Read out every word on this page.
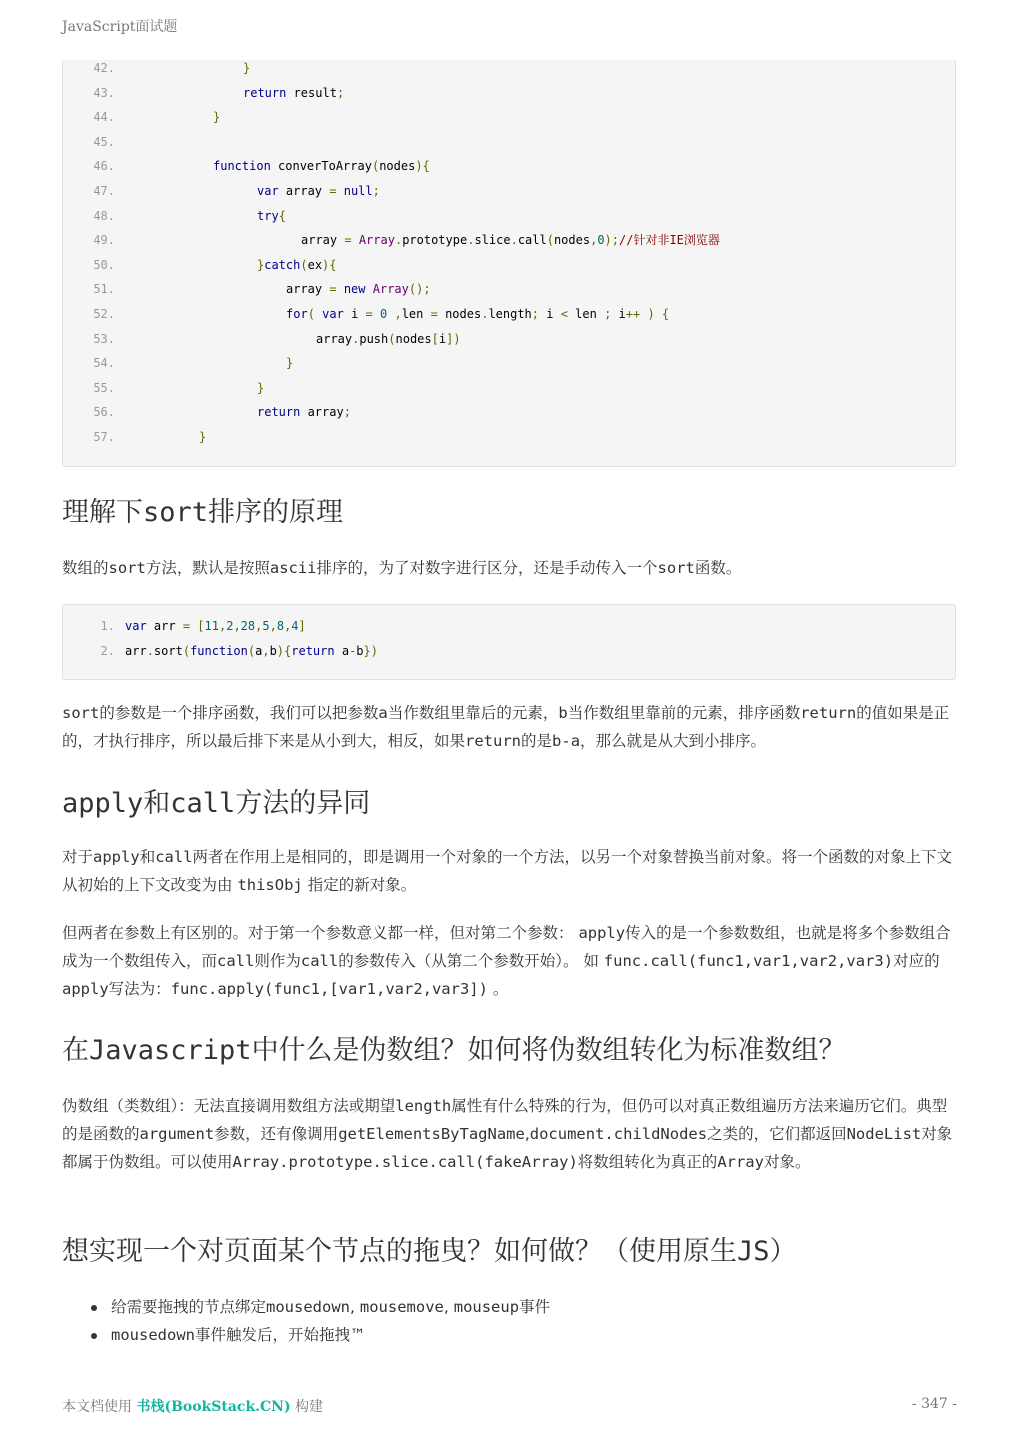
JavaScript面试题
42.	}
43.	return result;
44.	}
45.
46.	function converToArray(nodes){
47.	var array = null;
48.	try{
49.	array = Array.prototype.slice.call(nodes,0);//针对非IE浏览器
50.	}catch(ex){
51.	array = new Array();
52.	for( var i = 0 ,len = nodes.length; i < len ; i++ ) {
53.	array.push(nodes[i])
54.	}
55.	}
56.	return array;
57.	}
理解下sort排序的原理

数组的sort方法，默认是按照ascii排序的，为了对数字进行区分，还是手动传入一个sort函数。

1. var arr = [11,2,28,5,8,4]
2. arr.sort(function(a,b){return a-b})

sort的参数是一个排序函数，我们可以把参数a当作数组里靠后的元素，b当作数组里靠前的元素，排序函数return的值如果是正的，才执行排序，所以最后排下来是从小到大，相反，如果return的是b-a，那么就是从大到小排序。

apply和call方法的异同

对于apply和call两者在作用上是相同的，即是调用一个对象的一个方法，以另一个对象替换当前对象。将一个函数的对象上下文从初始的上下文改变为由 thisObj 指定的新对象。

但两者在参数上有区别的。对于第一个参数意义都一样，但对第二个参数： apply传入的是一个参数数组，也就是将多个参数组合成为一个数组传入，而call则作为call的参数传入（从第二个参数开始）。 如 func.call(func1,var1,var2,var3)对应的apply写法为：func.apply(func1,[var1,var2,var3]) 。

在Javascript中什么是伪数组？如何将伪数组转化为标准数组？

伪数组（类数组）：无法直接调用数组方法或期望length属性有什么特殊的行为，但仍可以对真正数组遍历方法来遍历它们。典型的是函数的argument参数，还有像调用getElementsByTagName,document.childNodes之类的，它们都返回NodeList对象都属于伪数组。可以使用Array.prototype.slice.call(fakeArray)将数组转化为真正的Array对象。

想实现一个对页面某个节点的拖曳？如何做？（使用原生JS）
给需要拖拽的节点绑定mousedown, mousemove, mouseup事件
mousedown事件触发后，开始拖拽™
本文档使用 书栈(BookStack.CN) 构建	- 347 -
